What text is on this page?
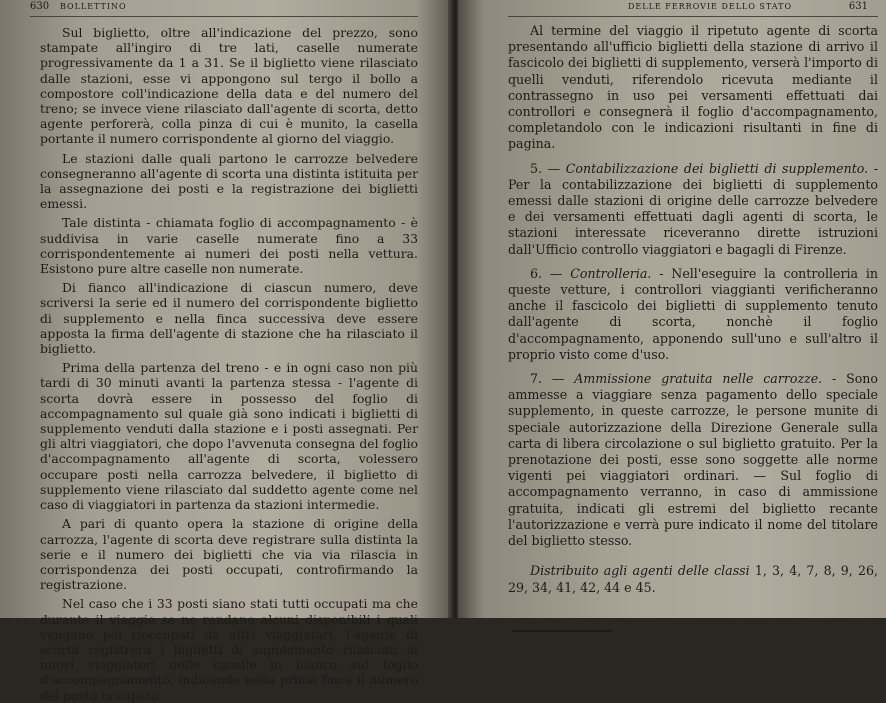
630 BOLLETTINO

Sul biglietto, oltre all'indicazione del prezzo, sono stampate all'ingiro di tre lati, caselle numerate progressivamente da 1 a 31. Se il biglietto viene rilasciato dalle stazioni, esse vi appongono sul tergo il bollo a compostore coll'indicazione della data e del numero del treno; se invece viene rilasciato dall'agente di scorta, detto agente perforerà, colla pinza di cui è munito, la casella portante il numero corrispondente al giorno del viaggio.

Le stazioni dalle quali partono le carrozze belvedere consegneranno all'agente di scorta una distinta istituita per la assegnazione dei posti e la registrazione dei biglietti emessi.

Tale distinta - chiamata foglio di accompagnamento - è suddivisa in varie caselle numerate fino a 33 corrispondentemente ai numeri dei posti nella vettura. Esistono pure altre caselle non numerate.

Di fianco all'indicazione di ciascun numero, deve scriversi la serie ed il numero del corrispondente biglietto di supplemento e nella finca successiva deve essere apposta la firma dell'agente di stazione che ha rilasciato il biglietto.

Prima della partenza del treno - e in ogni caso non più tardi di 30 minuti avanti la partenza stessa - l'agente di scorta dovrà essere in possesso del foglio di accompagnamento sul quale già sono indicati i biglietti di supplemento venduti dalla stazione e i posti assegnati. Per gli altri viaggiatori, che dopo l'avvenuta consegna del foglio d'accompagnamento all'agente di scorta, volessero occupare posti nella carrozza belvedere, il biglietto di supplemento viene rilasciato dal suddetto agente come nel caso di viaggiatori in partenza da stazioni intermedie.

A pari di quanto opera la stazione di origine della carrozza, l'agente di scorta deve registrare sulla distinta la serie e il numero dei biglietti che via via rilascia in corrispondenza dei posti occupati, controfirmando la registrazione.

Nel caso che i 33 posti siano stati tutti occupati ma che durante il viaggio se ne rendano alcuni disponibili i quali vengano poi rioccupati da altri viaggiatori, l'agente di scorta registrerà i biglietti di supplemento rilasciati ai nuovi viaggiatori nelle caselle in bianco sul foglio d'accompagnamento, indicando nella prima finca il numero del posto occupato.

DELLE FERROVIE DELLO STATO	631

Al termine del viaggio il ripetuto agente di scorta presentando all'ufficio biglietti della stazione di arrivo il fascicolo dei biglietti di supplemento, verserà l'importo di quelli venduti, riferendolo ricevuta mediante il contrassegno in uso pei versamenti effettuati dai controllori e consegnerà il foglio d'accompagnamento, completandolo con le indicazioni risultanti in fine di pagina.

5. — Contabilizzazione dei biglietti di supplemento. - Per la contabilizzazione dei biglietti di supplemento emessi dalle stazioni di origine delle carrozze belvedere e dei versamenti effettuati dagli agenti di scorta, le stazioni interessate riceveranno dirette istruzioni dall'Ufficio controllo viaggiatori e bagagli di Firenze.

6. — Controlleria. - Nell'eseguire la controlleria in queste vetture, i controllori viaggianti verificheranno anche il fascicolo dei biglietti di supplemento tenuto dall'agente di scorta, nonchè il foglio d'accompagnamento, apponendo sull'uno e sull'altro il proprio visto come d'uso.

7. — Ammissione gratuita nelle carrozze. - Sono ammesse a viaggiare senza pagamento dello speciale supplemento, in queste carrozze, le persone munite di speciale autorizzazione della Direzione Generale sulla carta di libera circolazione o sul biglietto gratuito. Per la prenotazione dei posti, esse sono soggette alle norme vigenti pei viaggiatori ordinari. — Sul foglio di accompagnamento verranno, in caso di ammissione gratuita, indicati gli estremi del biglietto recante l'autorizzazione e verrà pure indicato il nome del titolare del biglietto stesso.

Distribuito agli agenti delle classi 1, 3, 4, 7, 8, 9, 26, 29, 34, 41, 42, 44 e 45.
